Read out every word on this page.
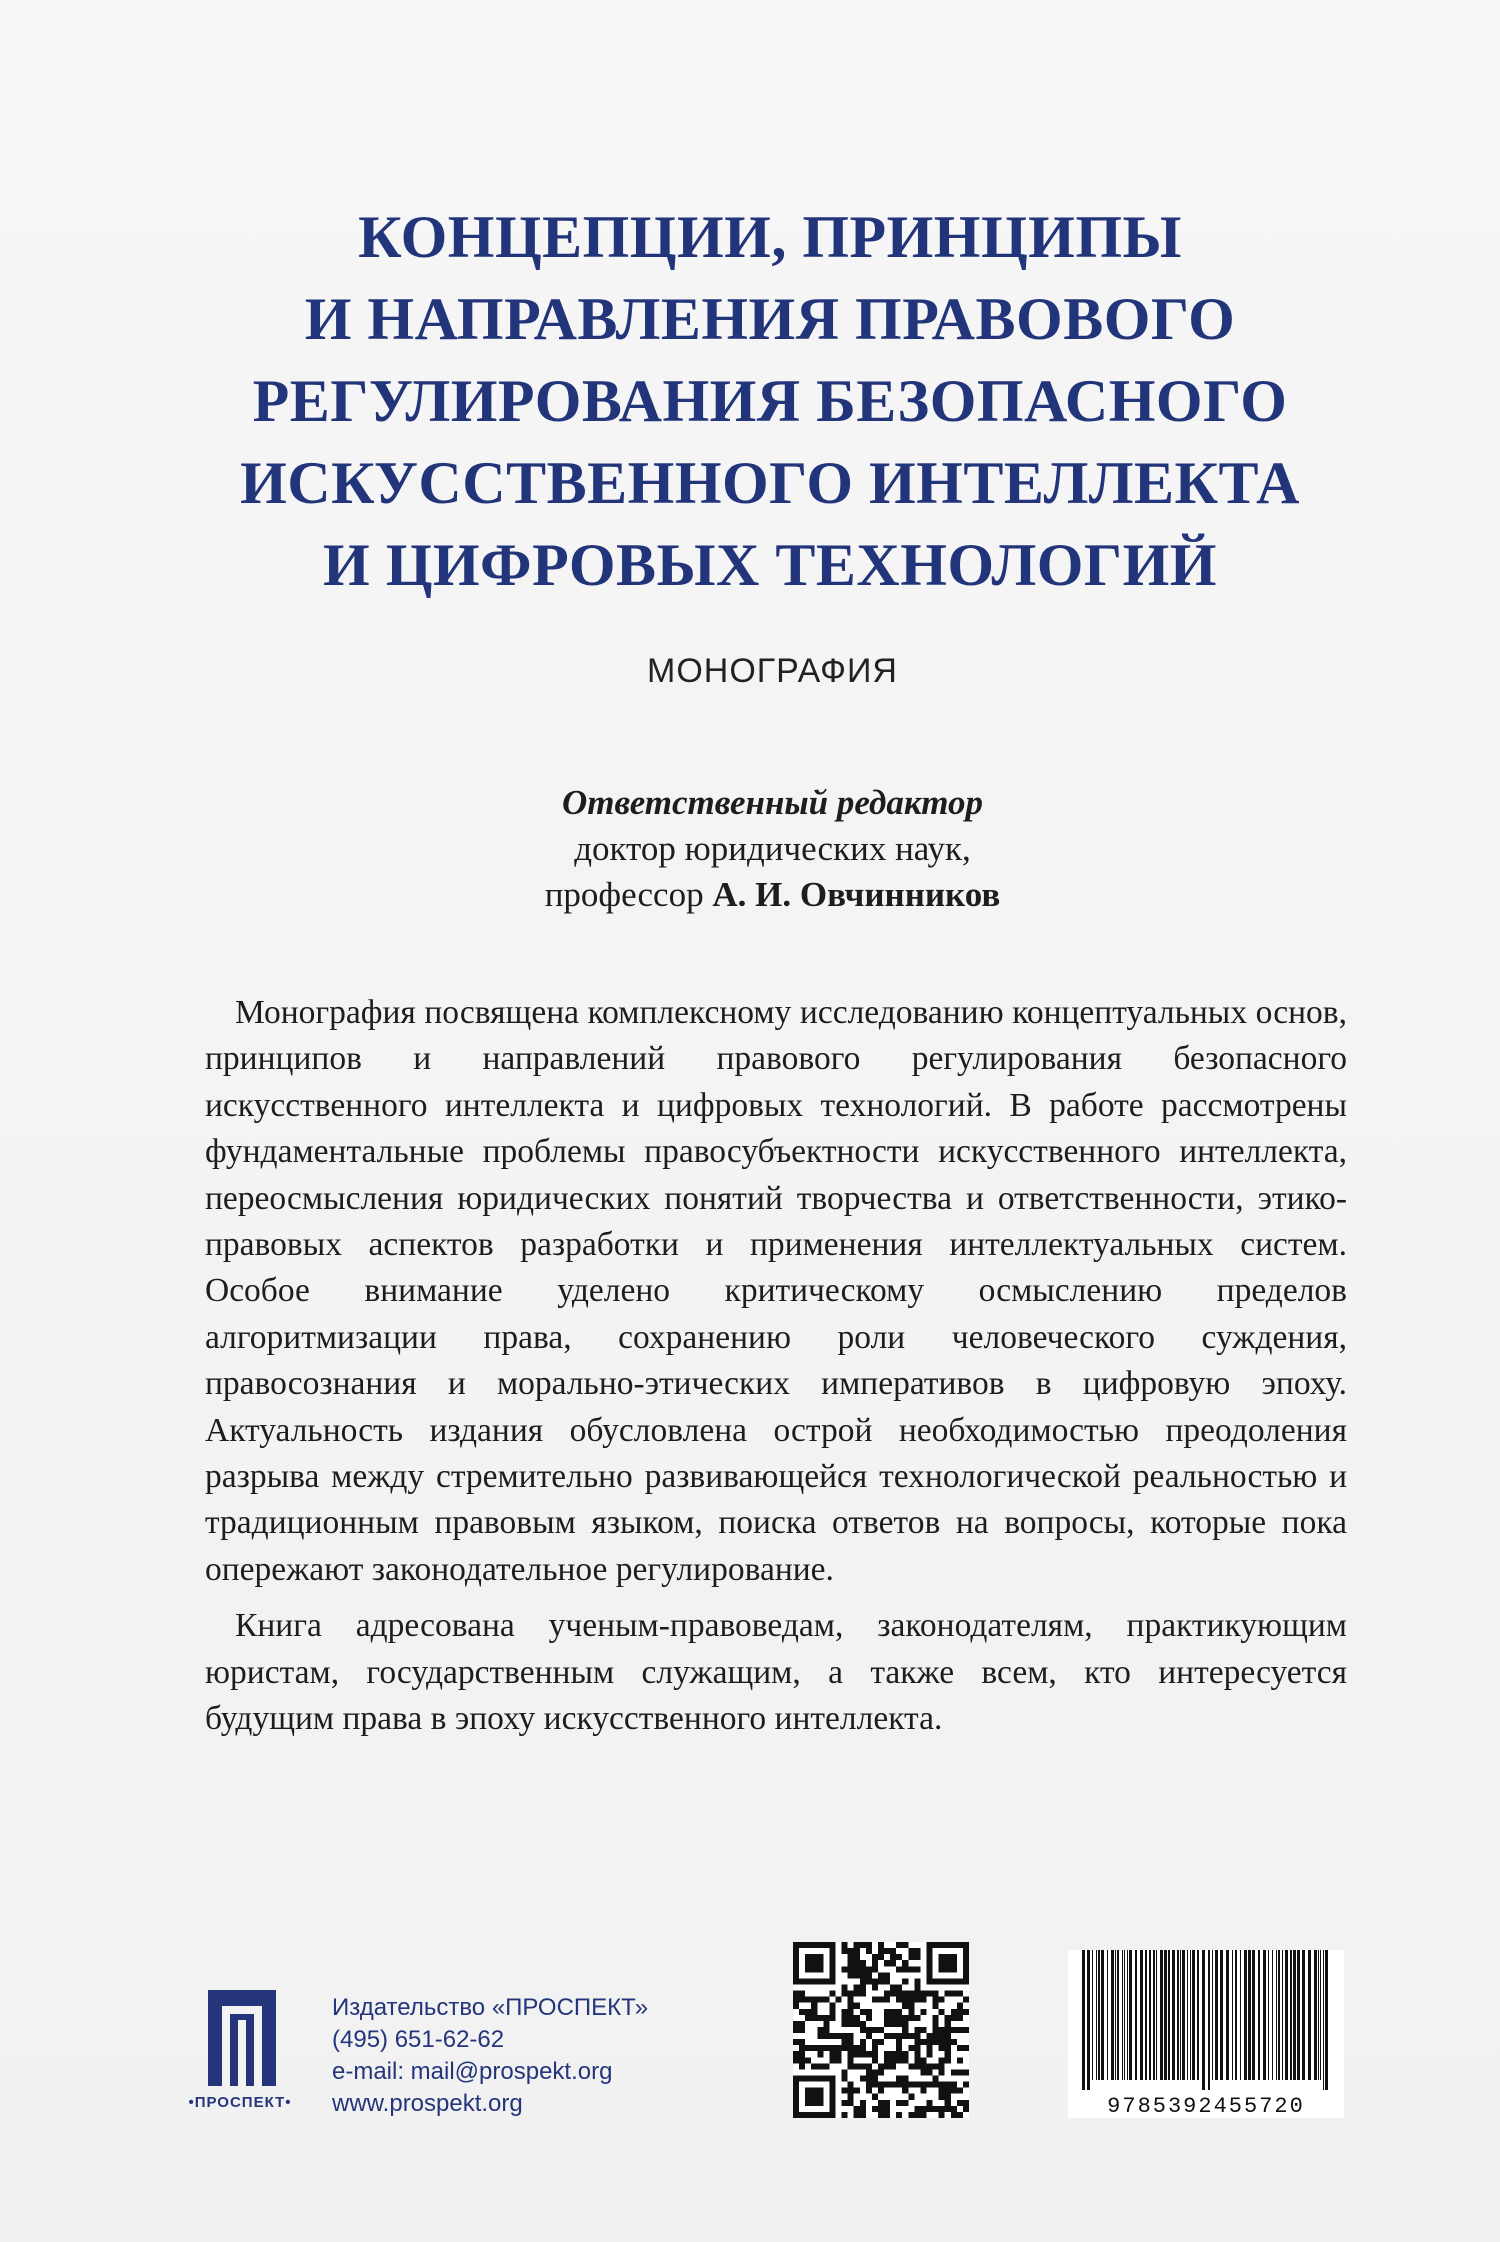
КОНЦЕПЦИИ, ПРИНЦИПЫ
И НАПРАВЛЕНИЯ ПРАВОВОГО
РЕГУЛИРОВАНИЯ БЕЗОПАСНОГО
ИСКУССТВЕННОГО ИНТЕЛЛЕКТА
И ЦИФРОВЫХ ТЕХНОЛОГИЙ
МОНОГРАФИЯ
Ответственный редактор
доктор юридических наук,
профессор А. И. Овчинников

Монография посвящена комплексному исследованию концептуальных основ, принципов и направлений правового регулирования безопасного искусственного интеллекта и цифровых технологий. В работе рассмотрены фундаментальные проблемы правосубъектности искусственного интеллекта, переосмысления юридических понятий творчества и ответственности, этико-правовых аспектов разработки и применения интеллектуальных систем. Особое внимание уделено критическому осмыслению пределов алгоритмизации права, сохранению роли человеческого суждения, правосознания и морально-этических императивов в цифровую эпоху. Актуальность издания обусловлена острой необходимостью преодоления разрыва между стремительно развивающейся технологической реальностью и традиционным правовым языком, поиска ответов на вопросы, которые пока опережают законодательное регулирование.

Книга адресована ученым-правоведам, законодателям, практикующим юристам, государственным служащим, а также всем, кто интересуется будущим права в эпоху искусственного интеллекта.

•ПРОСПЕКТ•
Издательство «ПРОСПЕКТ»
(495) 651-62-62
e-mail: mail@prospekt.org
www.prospekt.org	9785392455720
